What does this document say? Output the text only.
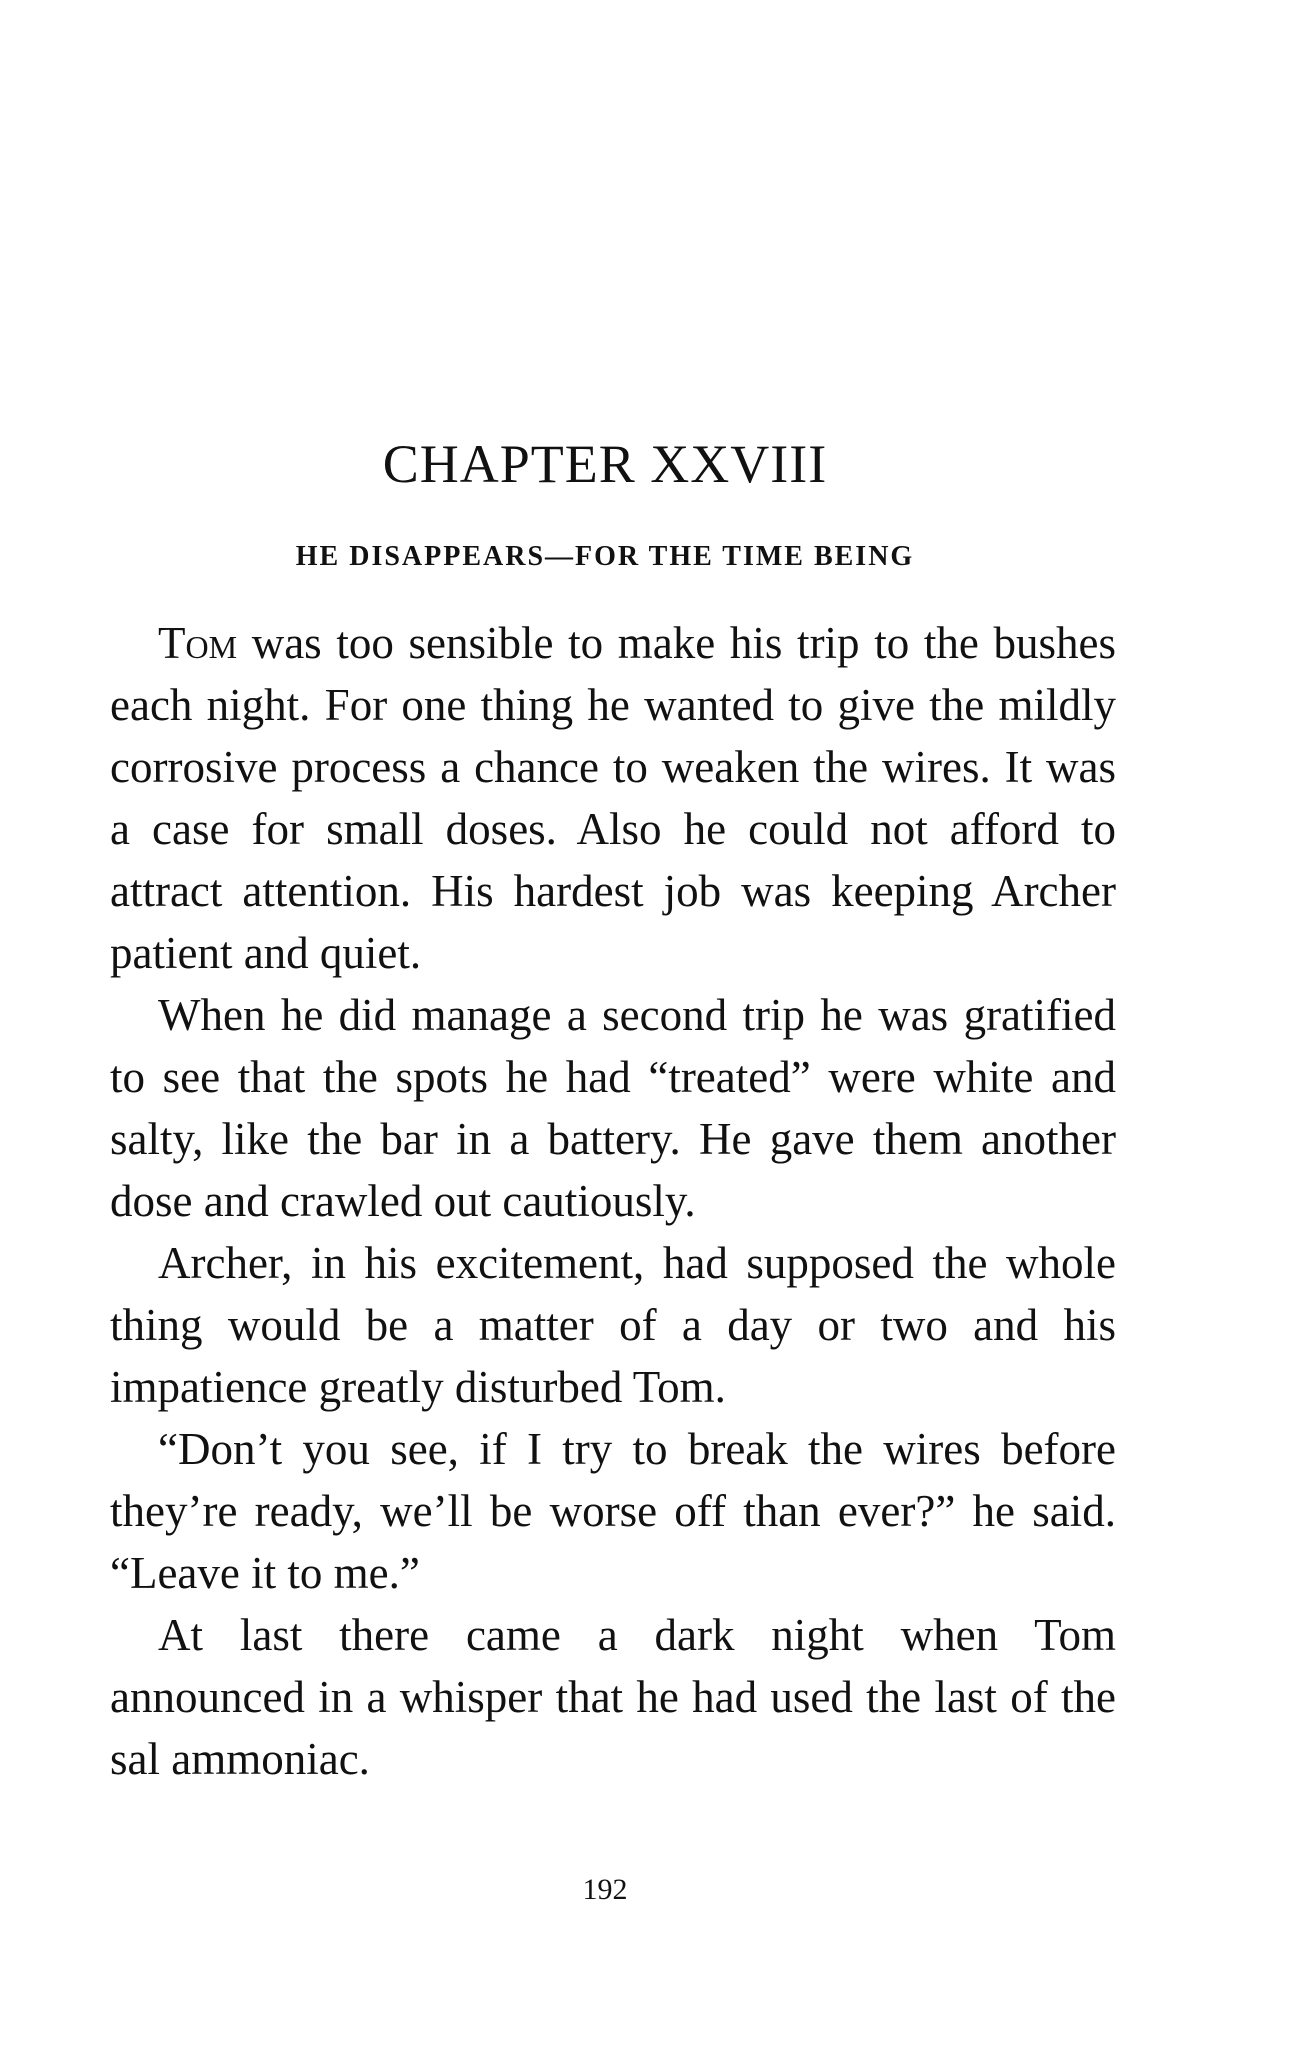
CHAPTER XXVIII
HE DISAPPEARS—FOR THE TIME BEING

Tom was too sensible to make his trip to the bushes each night. For one thing he wanted to give the mildly corrosive process a chance to weaken the wires. It was a case for small doses. Also he could not afford to attract attention. His hardest job was keeping Archer patient and quiet.

When he did manage a second trip he was gratified to see that the spots he had “treated” were white and salty, like the bar in a battery. He gave them another dose and crawled out cautiously.

Archer, in his excitement, had supposed the whole thing would be a matter of a day or two and his impatience greatly disturbed Tom.

“Don’t you see, if I try to break the wires before they’re ready, we’ll be worse off than ever?” he said. “Leave it to me.”

At last there came a dark night when Tom announced in a whisper that he had used the last of the sal ammoniac.

192
